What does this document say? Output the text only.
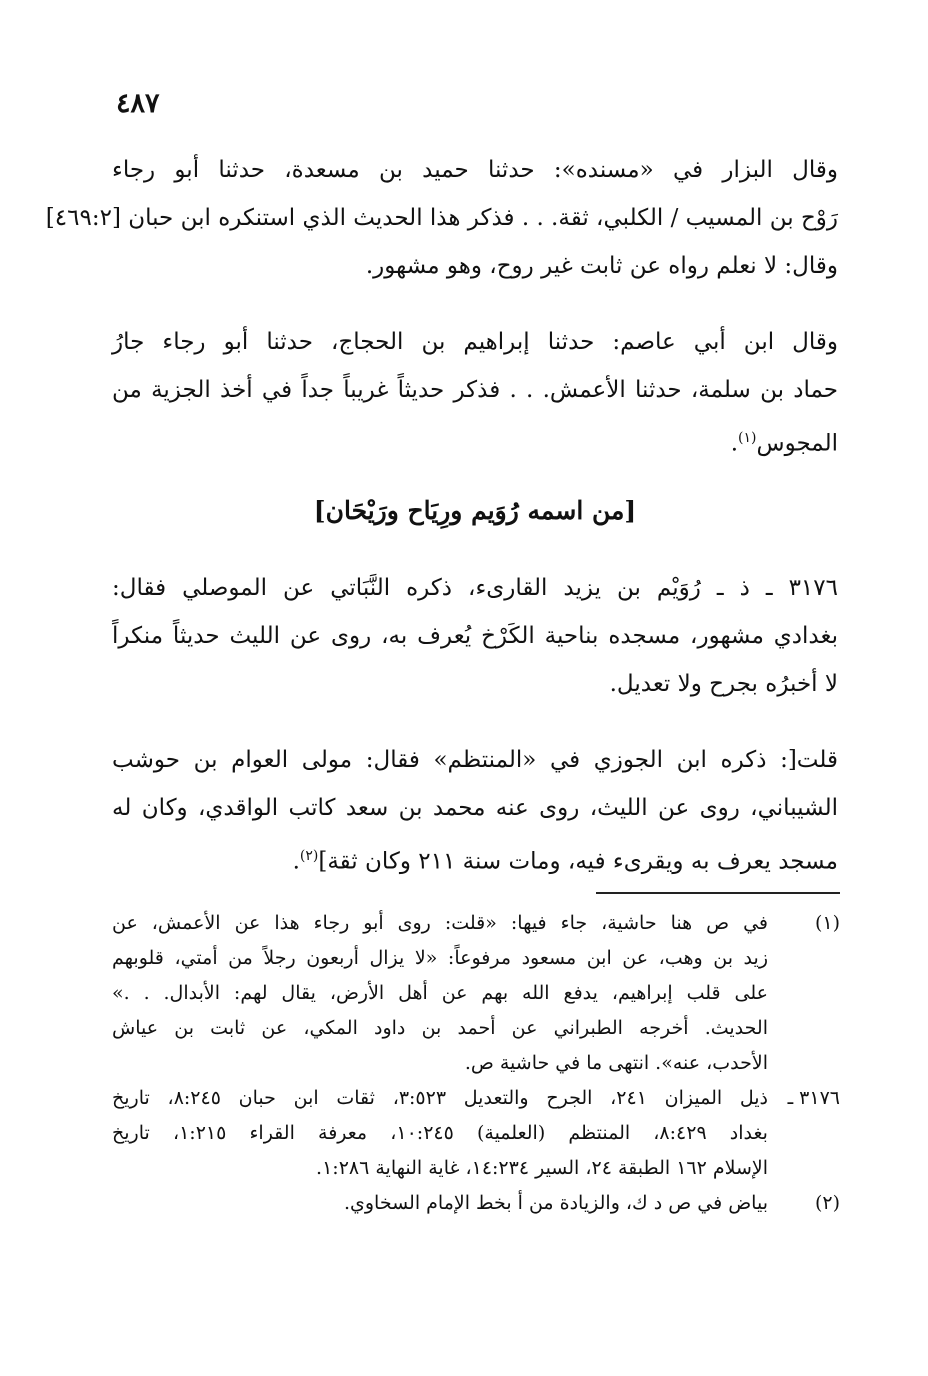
٤٨٧
وقال البزار في «مسنده»: حدثنا حميد بن مسعدة، حدثنا أبو رجاء
رَوْح بن المسيب / الكلبي، ثقة. . . فذكر هذا الحديث الذي استنكره ابن حبان [٤٦٩:٢]
وقال: لا نعلم رواه عن ثابت غير روح، وهو مشهور.
وقال ابن أبي عاصم: حدثنا إبراهيم بن الحجاج، حدثنا أبو رجاء جارُ
حماد بن سلمة، حدثنا الأعمش. . . فذكر حديثاً غريباً جداً في أخذ الجزية من
المجوس$^{(١)}$.
[من اسمه رُوَيم ورِيَاح ورَيْحَان]
٣١٧٦ ـ ذ ـ رُوَيْم بن يزيد القارىء، ذكره النَّبَاتي عن الموصلي فقال:
بغدادي مشهور، مسجده بناحية الكَرْخ يُعرف به، روى عن الليث حديثاً منكراً
لا أخبرُه بجرح ولا تعديل.
قلت[: ذكره ابن الجوزي في «المنتظم» فقال: مولى العوام بن حوشب
الشيباني، روى عن الليث، روى عنه محمد بن سعد كاتب الواقدي، وكان له
مسجد يعرف به ويقرىء فيه، ومات سنة ٢١١ وكان ثقة]$^{(٢)}$.
(١)
في ص هنا حاشية، جاء فيها: «قلت: روى أبو رجاء هذا عن الأعمش، عن
زيد بن وهب، عن ابن مسعود مرفوعاً: «لا يزال أربعون رجلاً من أمتي، قلوبهم
على قلب إبراهيم، يدفع الله بهم عن أهل الأرض، يقال لهم: الأبدال. . .»
الحديث. أخرجه الطبراني عن أحمد بن داود المكي، عن ثابت بن عياش
الأحدب، عنه». انتهى ما في حاشية ص.
٣١٧٦ ـ
ذيل الميزان ٢٤١، الجرح والتعديل ٣:٥٢٣، ثقات ابن حبان ٨:٢٤٥، تاريخ
بغداد ٨:٤٢٩، المنتظم (العلمية) ١٠:٢٤٥، معرفة القراء ١:٢١٥، تاريخ
الإسلام ١٦٢ الطبقة ٢٤، السير ١٤:٢٣٤، غاية النهاية ١:٢٨٦.
(٢)
بياض في ص د ك، والزيادة من أ بخط الإمام السخاوي.
